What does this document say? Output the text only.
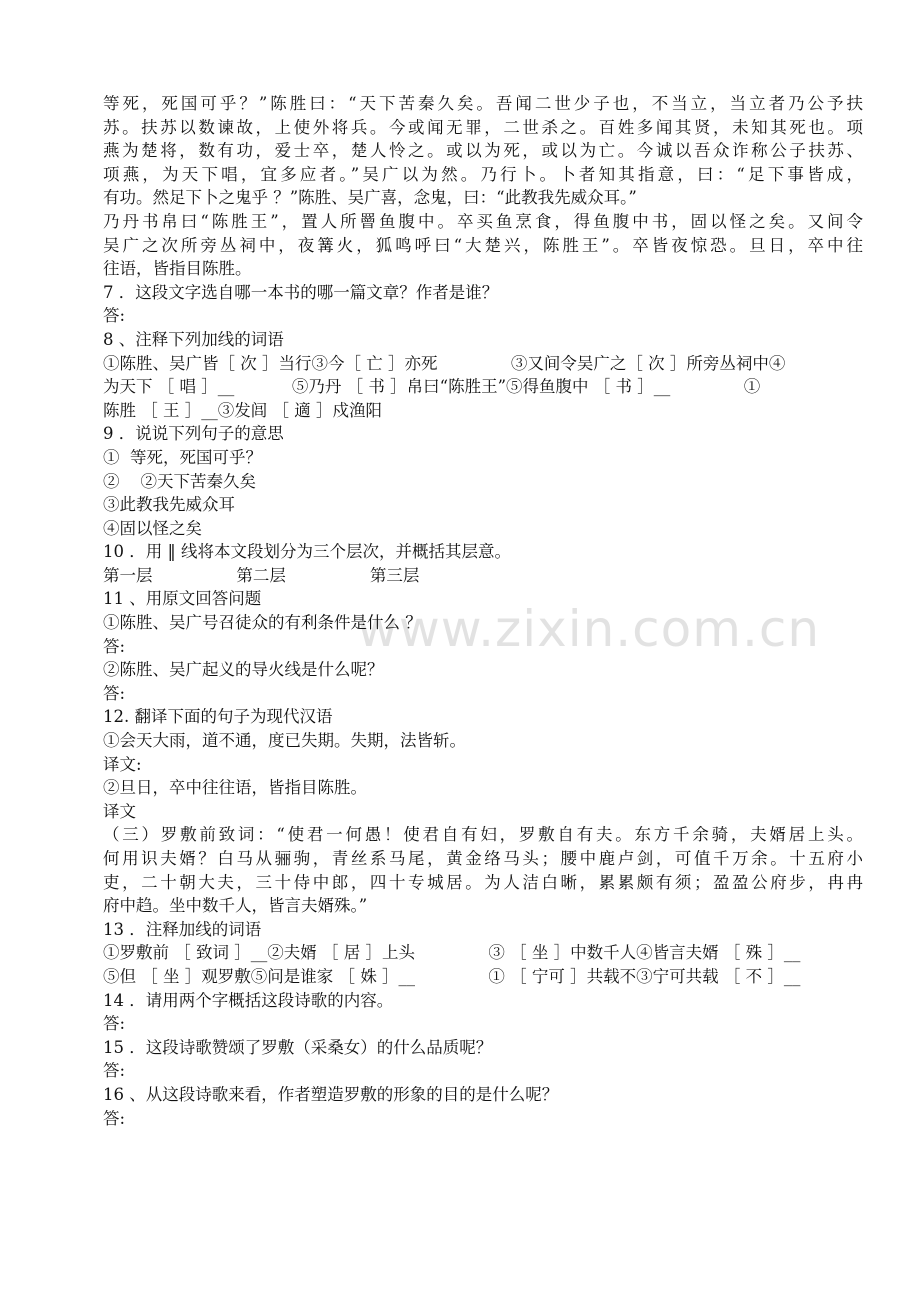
www.zixin.com.cn
等死，死国可乎？”陈胜曰：“天下苦秦久矣。吾闻二世少子也，不当立，当立者乃公予扶
苏。扶苏以数谏故，上使外将兵。今或闻无罪，二世杀之。百姓多闻其贤，未知其死也。项
燕为楚将，数有功，爱士卒，楚人怜之。或以为死，或以为亡。今诚以吾众诈称公子扶苏、
项燕，为天下唱，宜多应者。”吴广以为然。乃行卜。卜者知其指意，曰：“足下事皆成，
有功。然足下卜之鬼乎 ？”陈胜、吴广喜，念鬼，曰：“此教我先威众耳。”
乃丹书帛曰“陈胜王”，置人所罾鱼腹中。卒买鱼烹食，得鱼腹中书，固以怪之矣。又间令
吴广之次所旁丛祠中，夜篝火，狐鸣呼曰“大楚兴，陈胜王”。卒皆夜惊恐。旦日，卒中往
往语，皆指目陈胜。
7 ．这段文字选自哪一本书的哪一篇文章？作者是谁？
答:
8 、注释下列加线的词语
①陈胜、吴广皆［ 次 ］当行③今［ 亡 ］亦死              ③又间令吴广之［ 次 ］所旁丛祠中④
为天下 ［ 唱 ］__           ⑤乃丹 ［ 书 ］帛曰“陈胜王”⑤得鱼腹中 ［ 书 ］__              ①
陈胜 ［ 王 ］__③发闾 ［ 適 ］戍渔阳
9 ．说说下列句子的意思
①  等死，死国可乎？
②    ②天下苦秦久矣
③此教我先威众耳
④固以怪之矣
10 ．用 ‖ 线将本文段划分为三个层次，并概括其层意。
第一层                第二层                第三层
11 、用原文回答问题
①陈胜、吴广号召徒众的有利条件是什么 ？
答:
②陈胜、吴广起义的导火线是什么呢？
答:
12. 翻译下面的句子为现代汉语
①会天大雨，道不通，度已失期。失期，法皆斩。
译文:
②旦日，卒中往往语，皆指目陈胜。
译文
（三）罗敷前致词：“使君一何愚！使君自有妇，罗敷自有夫。东方千余骑，夫婿居上头。
何用识夫婿？白马从骊驹，青丝系马尾，黄金络马头；腰中鹿卢剑，可值千万余。十五府小
吏，二十朝大夫，三十侍中郎，四十专城居。为人洁白晰，累累颇有须；盈盈公府步，冉冉
府中趋。坐中数千人，皆言夫婿殊。”
13 ．注释加线的词语
①罗敷前 ［ 致词 ］__②夫婿 ［ 居 ］上头              ③ ［ 坐 ］中数千人④皆言夫婿 ［ 殊 ］__
⑤但 ［ 坐 ］观罗敷⑤问是谁家 ［ 姝 ］__              ① ［ 宁可 ］共载不③宁可共载 ［ 不 ］__
14 ．请用两个字概括这段诗歌的内容。
答:
15 ．这段诗歌赞颂了罗敷（采桑女）的什么品质呢？
答:
16 、从这段诗歌来看，作者塑造罗敷的形象的目的是什么呢？
答:
